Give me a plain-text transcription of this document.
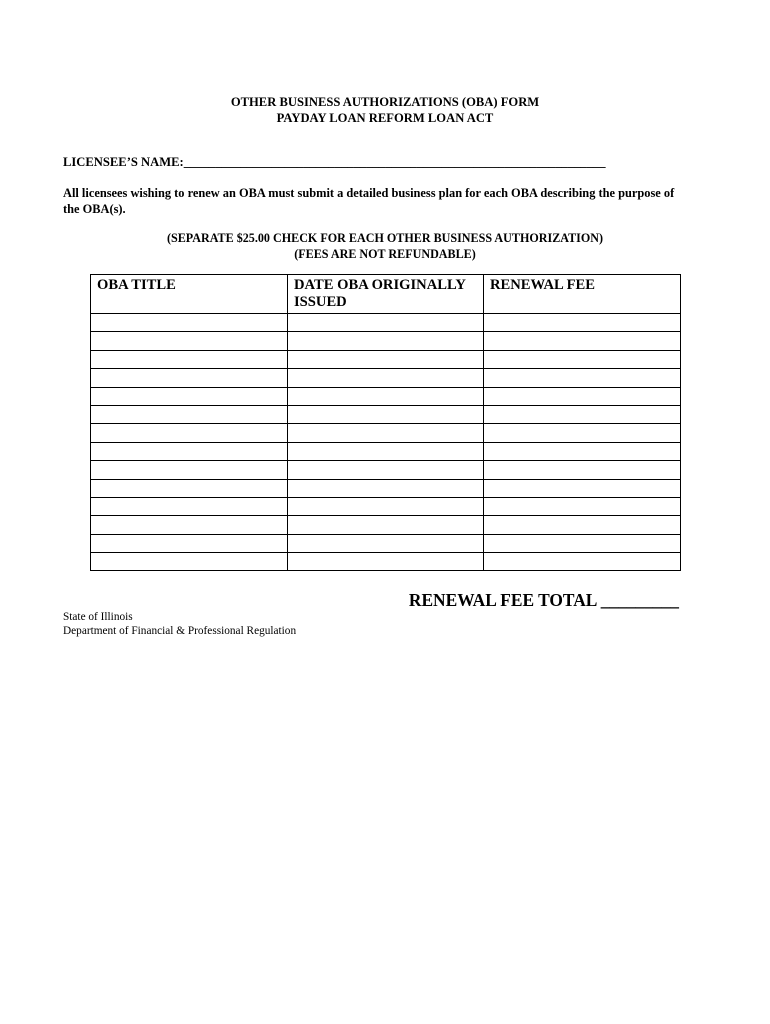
OTHER BUSINESS AUTHORIZATIONS (OBA) FORM
PAYDAY LOAN REFORM LOAN ACT
LICENSEE’S NAME:___________________________________________________________________
All licensees wishing to renew an OBA must submit a detailed business plan for each OBA describing the purpose of the OBA(s).
(SEPARATE $25.00 CHECK FOR EACH OTHER BUSINESS AUTHORIZATION)
(FEES ARE NOT REFUNDABLE)
OBA TITLE	DATE OBA ORIGINALLY ISSUED	RENEWAL FEE

RENEWAL FEE TOTAL _________
State of Illinois
Department of Financial & Professional Regulation
